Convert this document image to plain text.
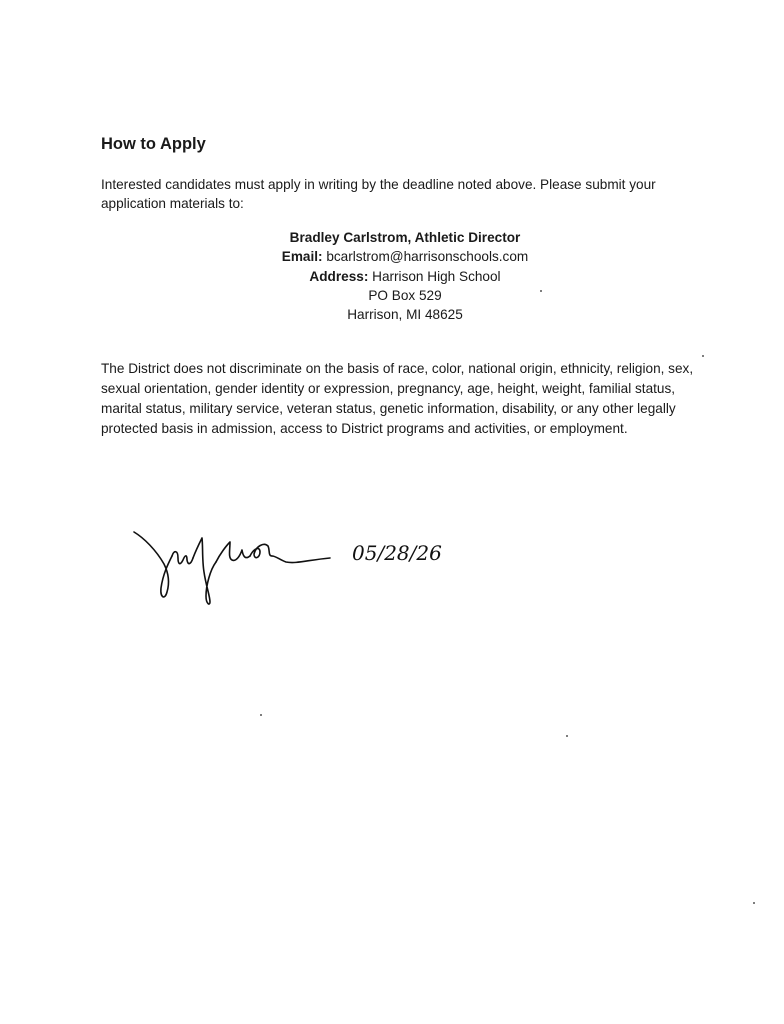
How to Apply

Interested candidates must apply in writing by the deadline noted above. Please submit your application materials to:

Bradley Carlstrom, Athletic Director
Email: bcarlstrom@harrisonschools.com
Address: Harrison High School
PO Box 529
Harrison, MI 48625

The District does not discriminate on the basis of race, color, national origin, ethnicity, religion, sex, sexual orientation, gender identity or expression, pregnancy, age, height, weight, familial status, marital status, military service, veteran status, genetic information, disability, or any other legally protected basis in admission, access to District programs and activities, or employment.

05/28/26
